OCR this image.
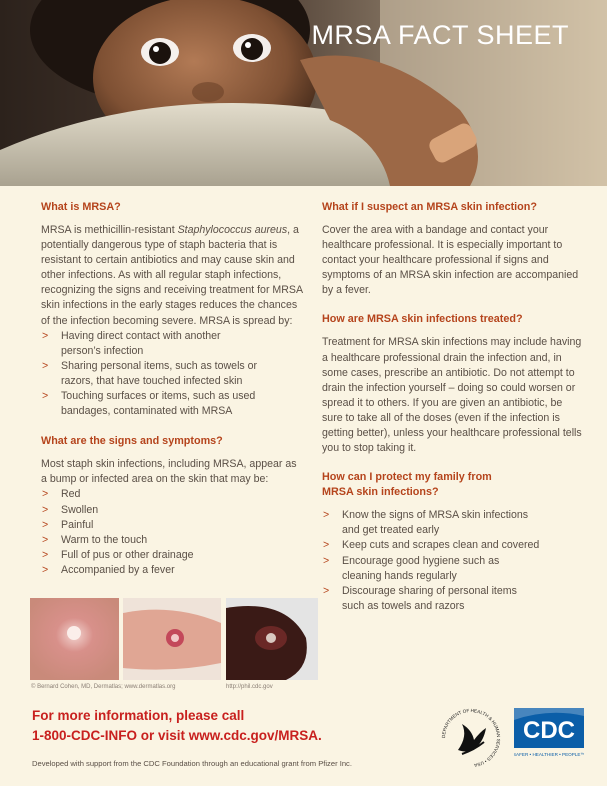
MRSA FACT SHEET
What is MRSA?

MRSA is methicillin-resistant Staphylococcus aureus, a potentially dangerous type of staph bacteria that is resistant to certain antibiotics and may cause skin and other infections. As with all regular staph infections, recognizing the signs and receiving treatment for MRSA skin infections in the early stages reduces the chances of the infection becoming severe. MRSA is spread by:

> Having direct contact with another person’s infection
> Sharing personal items, such as towels or razors, that have touched infected skin
> Touching surfaces or items, such as used bandages, contaminated with MRSA
What are the signs and symptoms?

Most staph skin infections, including MRSA, appear as a bump or infected area on the skin that may be:

> Red
> Swollen
> Painful
> Warm to the touch
> Full of pus or other drainage
> Accompanied by a fever
What if I suspect an MRSA skin infection?

Cover the area with a bandage and contact your healthcare professional. It is especially important to contact your healthcare professional if signs and symptoms of an MRSA skin infection are accompanied by a fever.

How are MRSA skin infections treated?

Treatment for MRSA skin infections may include having a healthcare professional drain the infection and, in some cases, prescribe an antibiotic. Do not attempt to drain the infection yourself – doing so could worsen or spread it to others. If you are given an antibiotic, be sure to take all of the doses (even if the infection is getting better), unless your healthcare professional tells you to stop taking it.

How can I protect my family from MRSA skin infections?
> Know the signs of MRSA skin infections and get treated early
> Keep cuts and scrapes clean and covered
> Encourage good hygiene such as cleaning hands regularly
> Discourage sharing of personal items such as towels and razors
© Bernard Cohen, MD, Dermatlas; www.dermatlas.org	http://phil.cdc.gov
For more information, please call
1-800-CDC-INFO or visit www.cdc.gov/MRSA.
Developed with support from the CDC Foundation through an educational grant from Pfizer Inc.
DEPARTMENT OF HEALTH & HUMAN SERVICES • USA
CDC
SAFER • HEALTHIER • PEOPLE™
